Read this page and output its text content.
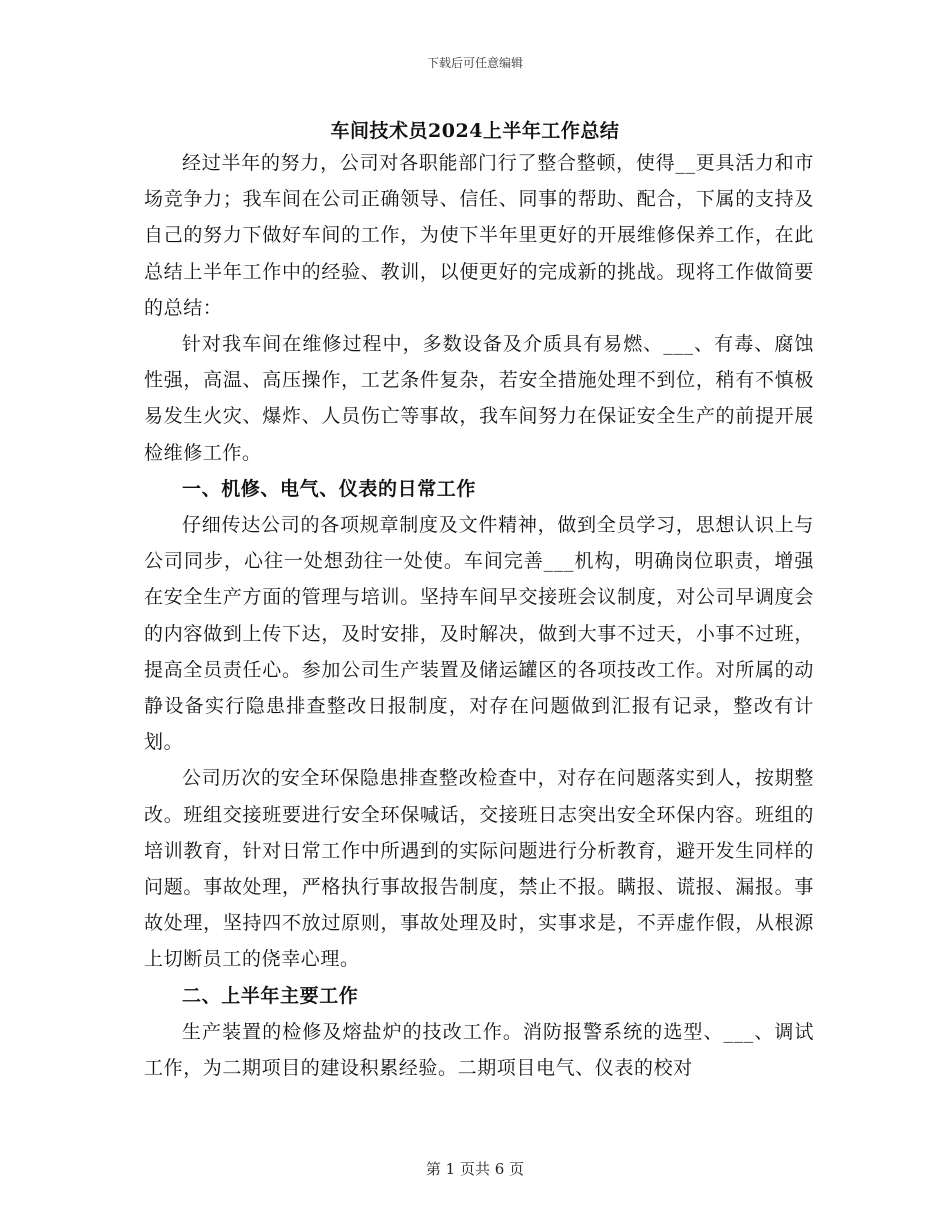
下载后可任意编辑
车间技术员2024上半年工作总结

经过半年的努力，公司对各职能部门行了整合整顿，使得__更具活力和市场竞争力；我车间在公司正确领导、信任、同事的帮助、配合，下属的支持及自己的努力下做好车间的工作，为使下半年里更好的开展维修保养工作，在此总结上半年工作中的经验、教训，以便更好的完成新的挑战。现将工作做简要的总结：

针对我车间在维修过程中，多数设备及介质具有易燃、___、有毒、腐蚀性强，高温、高压操作，工艺条件复杂，若安全措施处理不到位，稍有不慎极易发生火灾、爆炸、人员伤亡等事故，我车间努力在保证安全生产的前提开展检维修工作。

一、机修、电气、仪表的日常工作

仔细传达公司的各项规章制度及文件精神，做到全员学习，思想认识上与公司同步，心往一处想劲往一处使。车间完善___机构，明确岗位职责，增强在安全生产方面的管理与培训。坚持车间早交接班会议制度，对公司早调度会的内容做到上传下达，及时安排，及时解决，做到大事不过天，小事不过班，提高全员责任心。参加公司生产装置及储运罐区的各项技改工作。对所属的动静设备实行隐患排查整改日报制度，对存在问题做到汇报有记录，整改有计划。

公司历次的安全环保隐患排查整改检查中，对存在问题落实到人，按期整改。班组交接班要进行安全环保喊话，交接班日志突出安全环保内容。班组的培训教育，针对日常工作中所遇到的实际问题进行分析教育，避开发生同样的问题。事故处理，严格执行事故报告制度，禁止不报。瞒报、谎报、漏报。事故处理，坚持四不放过原则，事故处理及时，实事求是，不弄虚作假，从根源上切断员工的侥幸心理。

二、上半年主要工作

生产装置的检修及熔盐炉的技改工作。消防报警系统的选型、___、调试工作，为二期项目的建设积累经验。二期项目电气、仪表的校对

第 1 页共 6 页
